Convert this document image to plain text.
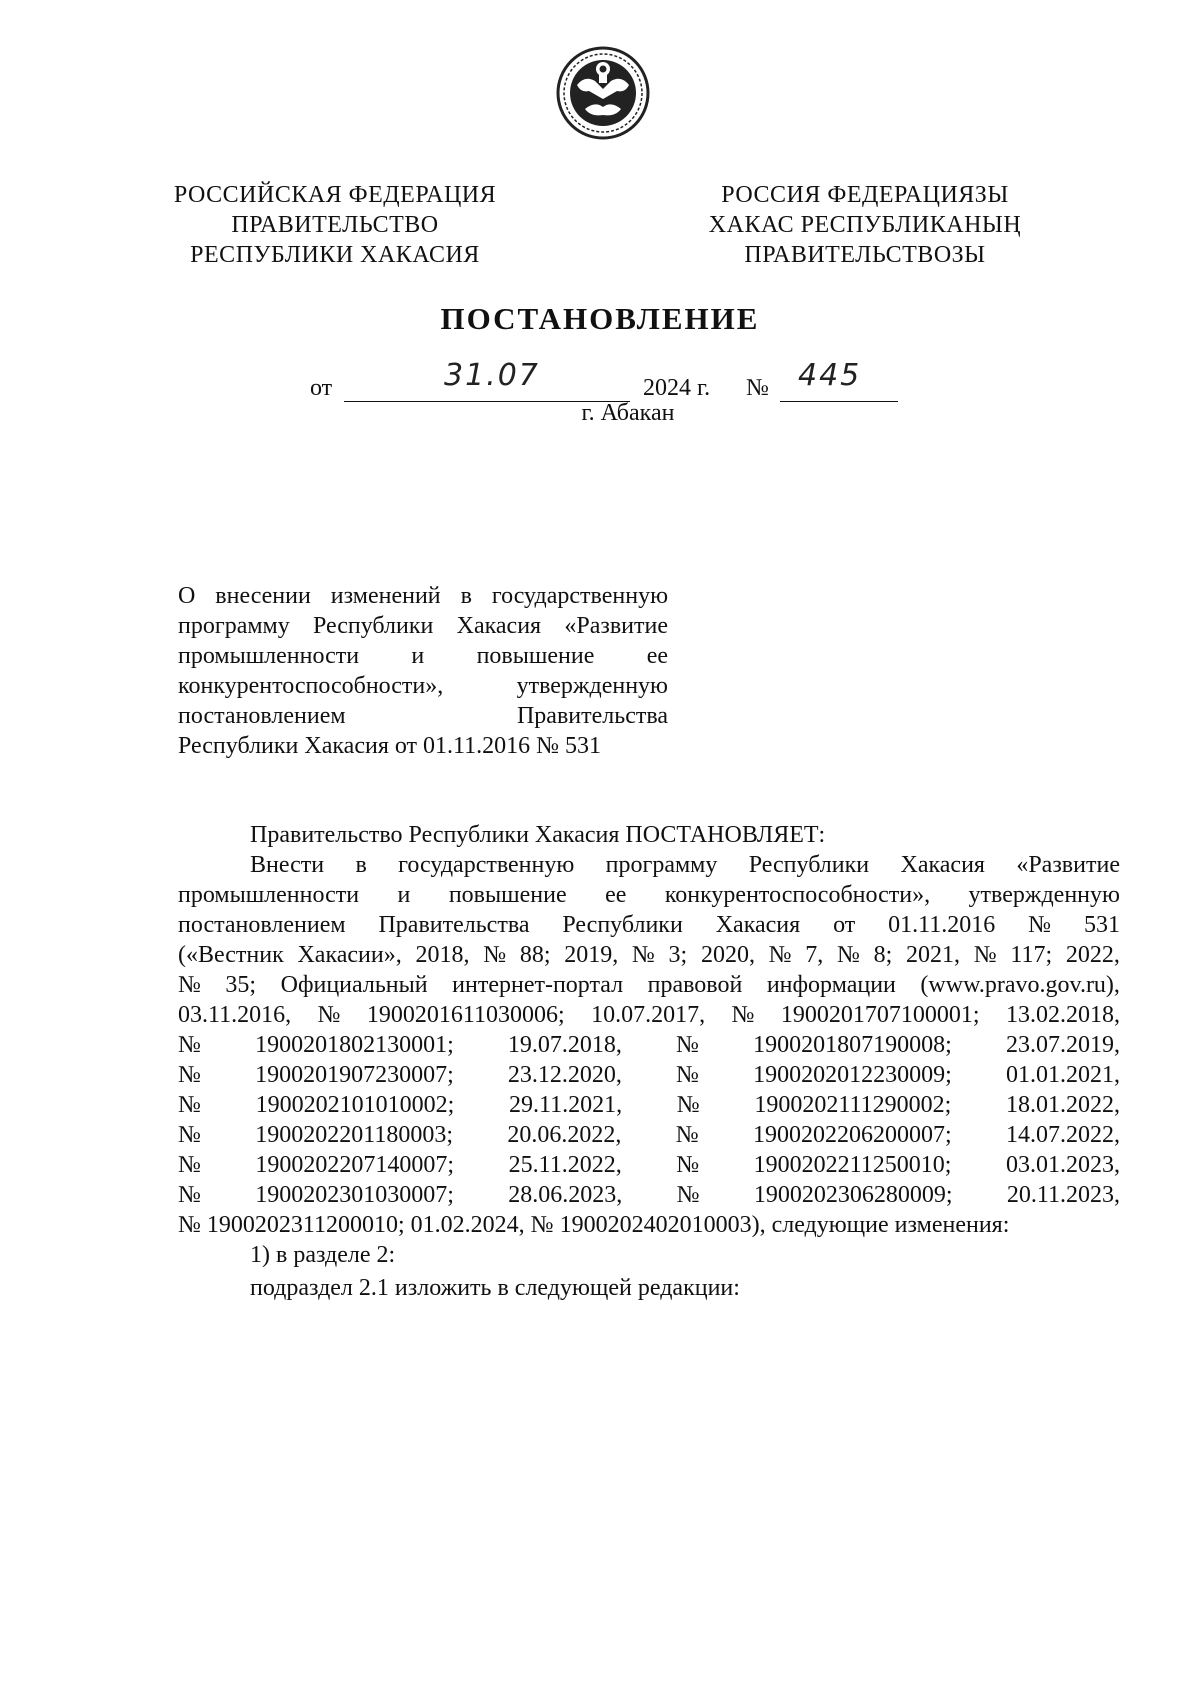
РОССИЙСКАЯ ФЕДЕРАЦИЯ
ПРАВИТЕЛЬСТВО
РЕСПУБЛИКИ ХАКАСИЯ
РОССИЯ ФЕДЕРАЦИЯЗЫ
ХАКАС РЕСПУБЛИКАНЫҢ
ПРАВИТЕЛЬСТВОЗЫ
ПОСТАНОВЛЕНИЕ
от	31.07	2024 г. № 445
г. Абакан
О внесении изменений в государственную
программу Республики Хакасия «Развитие
промышленности и повышение ее
конкурентоспособности»,	утвержденную
постановлением	Правительства
Республики Хакасия от 01.11.2016 № 531
Правительство Республики Хакасия ПОСТАНОВЛЯЕТ:
Внести в государственную программу Республики Хакасия «Развитие
промышленности и повышение ее конкурентоспособности», утвержденную
постановлением Правительства Республики Хакасия от 01.11.2016 № 531
(«Вестник Хакасии», 2018, № 88; 2019, № 3; 2020, № 7, № 8; 2021, № 117; 2022,
№ 35; Официальный интернет-портал правовой информации (www.pravo.gov.ru),
03.11.2016, № 1900201611030006; 10.07.2017, № 1900201707100001; 13.02.2018,
№ 1900201802130001; 19.07.2018, № 1900201807190008; 23.07.2019,
№ 1900201907230007; 23.12.2020, № 1900202012230009; 01.01.2021,
№ 1900202101010002; 29.11.2021, № 1900202111290002; 18.01.2022,
№ 1900202201180003; 20.06.2022, № 1900202206200007; 14.07.2022,
№ 1900202207140007; 25.11.2022, № 1900202211250010; 03.01.2023,
№ 1900202301030007; 28.06.2023, № 1900202306280009; 20.11.2023,
№ 1900202311200010; 01.02.2024, № 1900202402010003), следующие изменения:
1) в разделе 2:
подраздел 2.1 изложить в следующей редакции:
